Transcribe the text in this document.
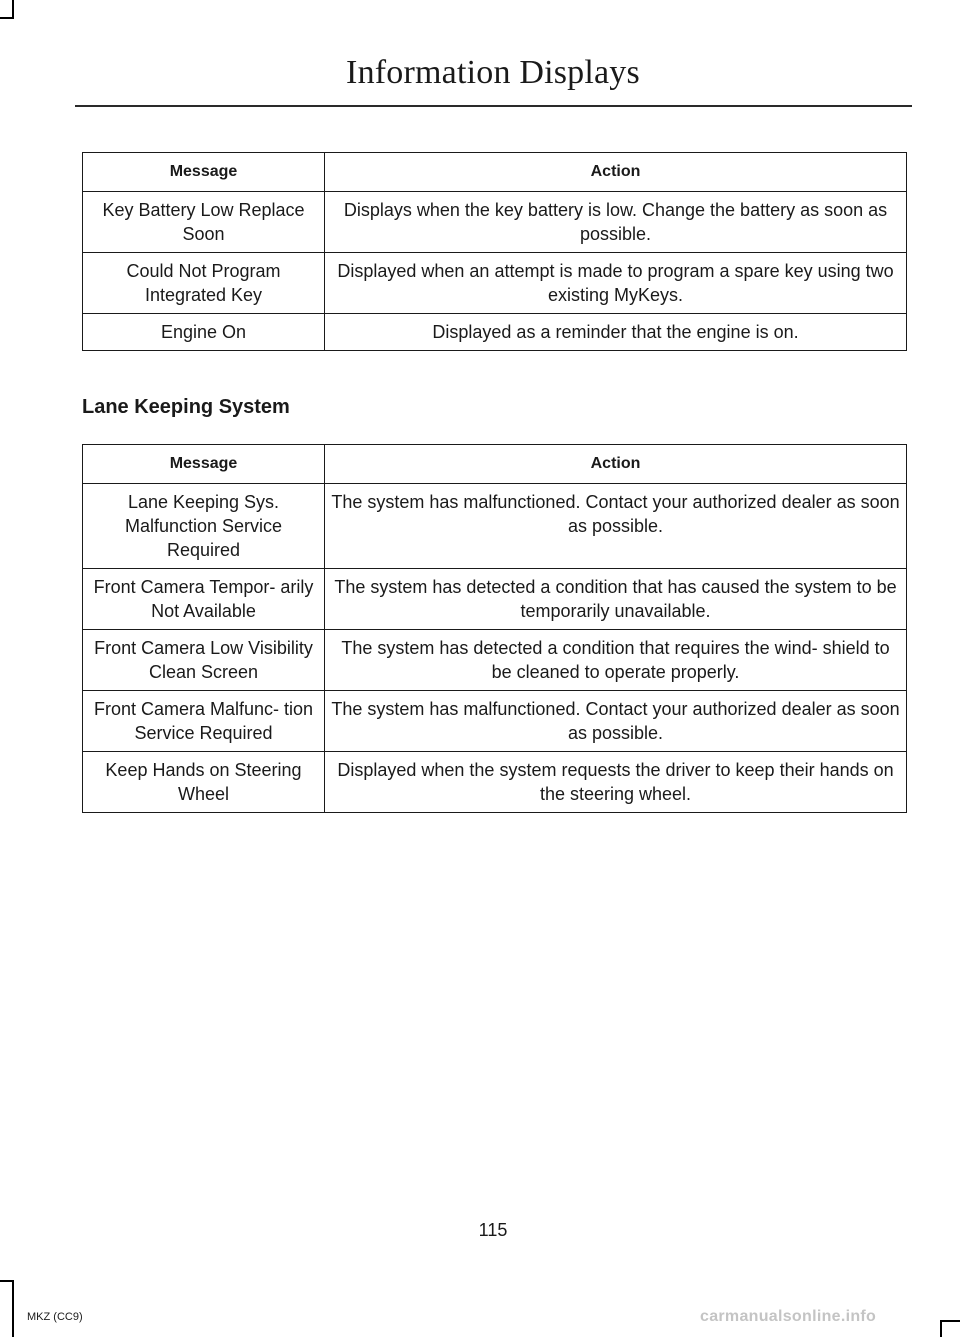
Information Displays
Message	Action
Key Battery Low Replace Soon	Displays when the key battery is low. Change the battery as soon as possible.
Could Not Program Integrated Key	Displayed when an attempt is made to program a spare key using two existing MyKeys.
Engine On	Displayed as a reminder that the engine is on.
Lane Keeping System
Message	Action
Lane Keeping Sys. Malfunction Service Required	The system has malfunctioned. Contact your authorized dealer as soon as possible.
Front Camera Tempor- arily Not Available	The system has detected a condition that has caused the system to be temporarily unavailable.
Front Camera Low Visibility Clean Screen	The system has detected a condition that requires the wind- shield to be cleaned to operate properly.
Front Camera Malfunc- tion Service Required	The system has malfunctioned. Contact your authorized dealer as soon as possible.
Keep Hands on Steering Wheel	Displayed when the system requests the driver to keep their hands on the steering wheel.
115
MKZ (CC9)	carmanualsonline.info
